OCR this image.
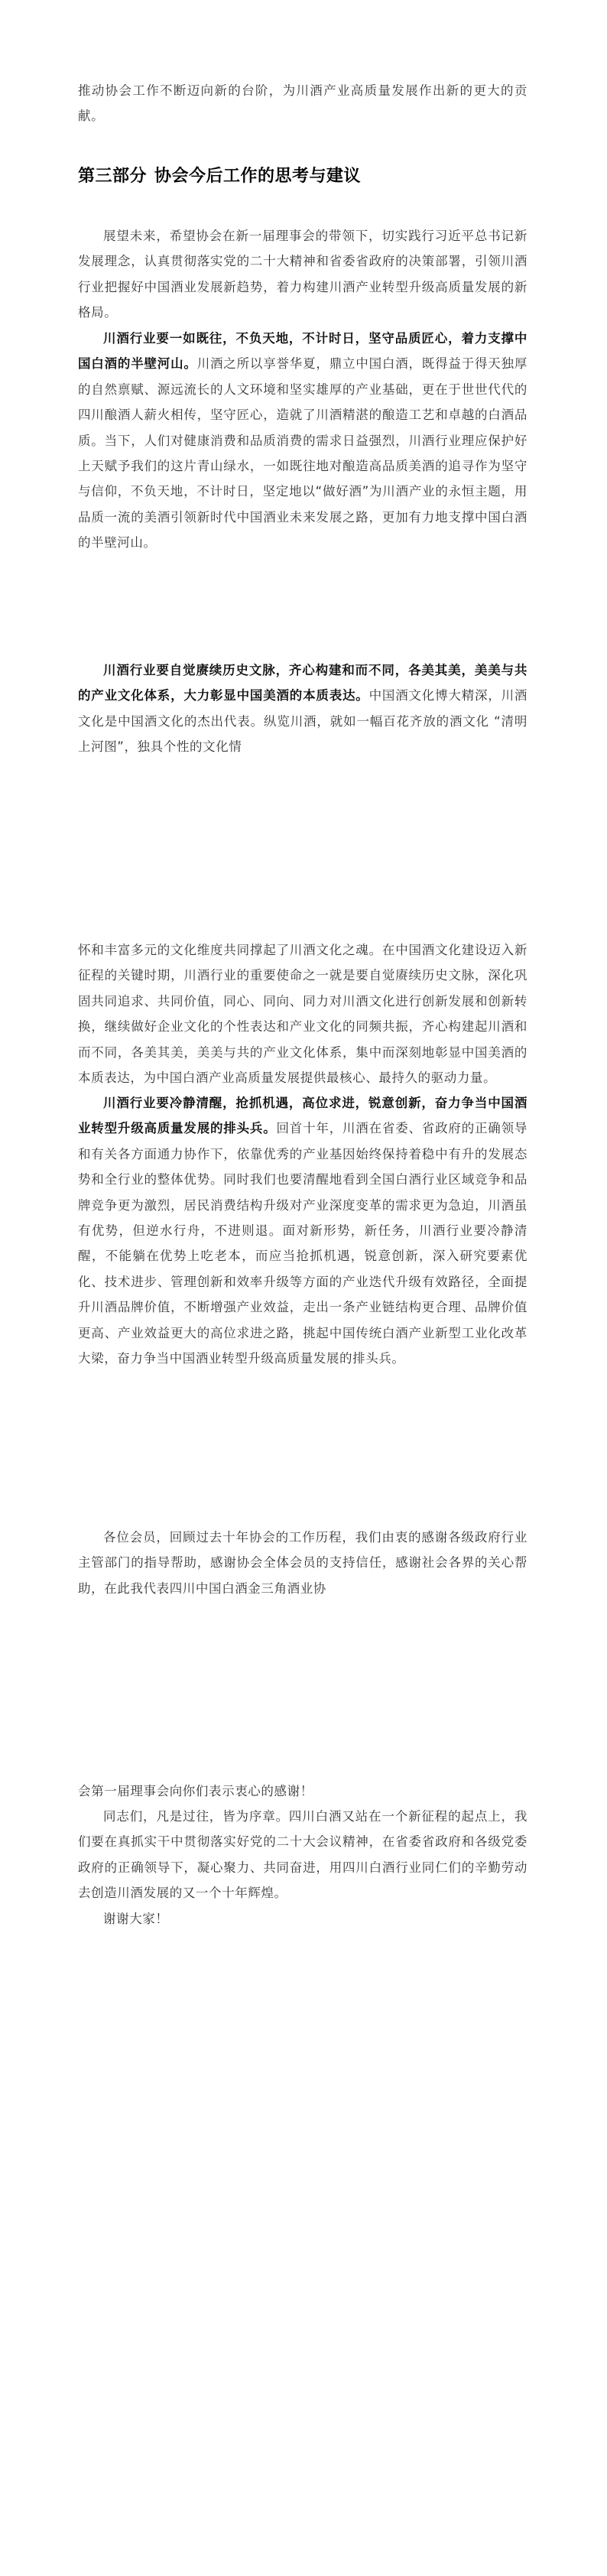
推动协会工作不断迈向新的台阶，为川酒产业高质量发展作出新的更大的贡献。

第三部分 协会今后工作的思考与建议

展望未来，希望协会在新一届理事会的带领下，切实践行习近平总书记新发展理念，认真贯彻落实党的二十大精神和省委省政府的决策部署，引领川酒行业把握好中国酒业发展新趋势，着力构建川酒产业转型升级高质量发展的新格局。

川酒行业要一如既往，不负天地，不计时日，坚守品质匠心，着力支撑中国白酒的半壁河山。川酒之所以享誉华夏，鼎立中国白酒，既得益于得天独厚的自然禀赋、源远流长的人文环境和坚实雄厚的产业基础，更在于世世代代的四川酿酒人薪火相传，坚守匠心，造就了川酒精湛的酿造工艺和卓越的白酒品质。当下，人们对健康消费和品质消费的需求日益强烈，川酒行业理应保护好上天赋予我们的这片青山绿水，一如既往地对酿造高品质美酒的追寻作为坚守与信仰，不负天地，不计时日，坚定地以“做好酒”为川酒产业的永恒主题，用品质一流的美酒引领新时代中国酒业未来发展之路，更加有力地支撑中国白酒的半壁河山。

川酒行业要自觉赓续历史文脉，齐心构建和而不同，各美其美，美美与共的产业文化体系，大力彰显中国美酒的本质表达。中国酒文化博大精深，川酒文化是中国酒文化的杰出代表。纵览川酒，就如一幅百花齐放的酒文化 “清明上河图”，独具个性的文化情

怀和丰富多元的文化维度共同撑起了川酒文化之魂。在中国酒文化建设迈入新征程的关键时期，川酒行业的重要使命之一就是要自觉赓续历史文脉，深化巩固共同追求、共同价值，同心、同向、同力对川酒文化进行创新发展和创新转换，继续做好企业文化的个性表达和产业文化的同频共振，齐心构建起川酒和而不同，各美其美，美美与共的产业文化体系，集中而深刻地彰显中国美酒的本质表达，为中国白酒产业高质量发展提供最核心、最持久的驱动力量。

川酒行业要冷静清醒，抢抓机遇，高位求进，锐意创新，奋力争当中国酒业转型升级高质量发展的排头兵。回首十年，川酒在省委、省政府的正确领导和有关各方面通力协作下，依靠优秀的产业基因始终保持着稳中有升的发展态势和全行业的整体优势。同时我们也要清醒地看到全国白酒行业区域竞争和品牌竞争更为激烈，居民消费结构升级对产业深度变革的需求更为急迫，川酒虽有优势，但逆水行舟，不进则退。面对新形势，新任务，川酒行业要冷静清醒，不能躺在优势上吃老本，而应当抢抓机遇，锐意创新，深入研究要素优化、技术进步、管理创新和效率升级等方面的产业迭代升级有效路径，全面提升川酒品牌价值，不断增强产业效益，走出一条产业链结构更合理、品牌价值更高、产业效益更大的高位求进之路，挑起中国传统白酒产业新型工业化改革大梁，奋力争当中国酒业转型升级高质量发展的排头兵。

各位会员，回顾过去十年协会的工作历程，我们由衷的感谢各级政府行业主管部门的指导帮助，感谢协会全体会员的支持信任，感谢社会各界的关心帮助，在此我代表四川中国白酒金三角酒业协

会第一届理事会向你们表示衷心的感谢！

同志们，凡是过往，皆为序章。四川白酒又站在一个新征程的起点上，我们要在真抓实干中贯彻落实好党的二十大会议精神，在省委省政府和各级党委政府的正确领导下，凝心聚力、共同奋进，用四川白酒行业同仁们的辛勤劳动去创造川酒发展的又一个十年辉煌。

谢谢大家！
